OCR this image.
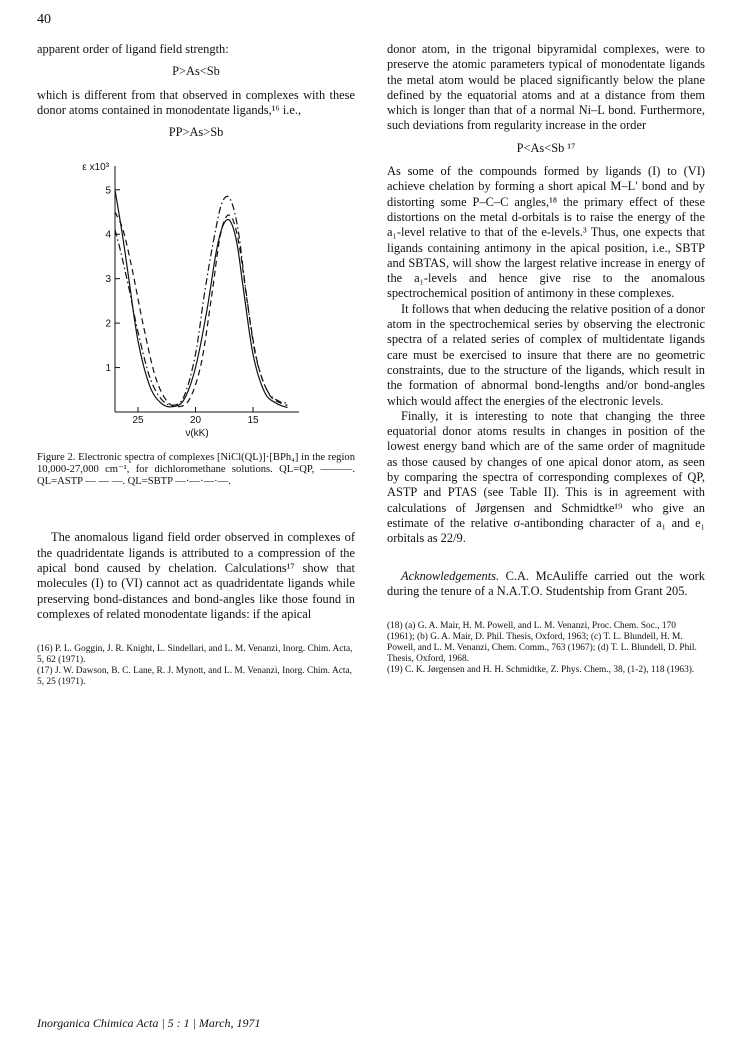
40

apparent order of ligand field strength:

P>As<Sb

which is different from that observed in complexes with these donor atoms contained in monodentate ligands,¹⁶ i.e.,

PP>As>Sb

1
2
3
4
5
25	20	15
ε x10³
ν(kK)

Figure 2. Electronic spectra of complexes [NiCl(QL)]·[BPh₄] in the region 10,000-27,000 cm⁻¹, for dichloromethane solutions. QL=QP, ———. QL=ASTP — — —. QL=SBTP —·—·—·—.

The anomalous ligand field order observed in complexes of the quadridentate ligands is attributed to a compression of the apical bond caused by chelation. Calculations¹⁷ show that molecules (I) to (VI) cannot act as quadridentate ligands while preserving bond-distances and bond-angles like those found in complexes of related monodentate ligands: if the apical

(16) P. L. Goggin, J. R. Knight, L. Sindellari, and L. M. Venanzi, Inorg. Chim. Acta, 5, 62 (1971).

(17) J. W. Dawson, B. C. Lane, R. J. Mynott, and L. M. Venanzi, Inorg. Chim. Acta, 5, 25 (1971).

donor atom, in the trigonal bipyramidal complexes, were to preserve the atomic parameters typical of monodentate ligands the metal atom would be placed significantly below the plane defined by the equatorial atoms and at a distance from them which is longer than that of a normal Ni–L bond. Furthermore, such deviations from regularity increase in the order

P<As<Sb ¹⁷

As some of the compounds formed by ligands (I) to (VI) achieve chelation by forming a short apical M–L′ bond and by distorting some P–C–C angles,¹⁸ the primary effect of these distortions on the metal d-orbitals is to raise the energy of the a₁-level relative to that of the e-levels.³ Thus, one expects that ligands containing antimony in the apical position, i.e., SBTP and SBTAS, will show the largest relative increase in energy of the a₁-levels and hence give rise to the anomalous spectrochemical position of antimony in these complexes.

It follows that when deducing the relative position of a donor atom in the spectrochemical series by observing the electronic spectra of a related series of complex of multidentate ligands care must be exercised to insure that there are no geometric constraints, due to the structure of the ligands, which result in the formation of abnormal bond-lengths and/or bond-angles which would affect the energies of the electronic levels.

Finally, it is interesting to note that changing the three equatorial donor atoms results in changes in position of the lowest energy band which are of the same order of magnitude as those caused by changes of one apical donor atom, as seen by comparing the spectra of corresponding complexes of QP, ASTP and PTAS (see Table II). This is in agreement with calculations of Jørgensen and Schmidtke¹⁹ who give an estimate of the relative σ-antibonding character of a₁ and e₁ orbitals as 22/9.

Acknowledgements. C.A. McAuliffe carried out the work during the tenure of a N.A.T.O. Studentship from Grant 205.

(18) (a) G. A. Mair, H. M. Powell, and L. M. Venanzi, Proc. Chem. Soc., 170 (1961); (b) G. A. Mair, D. Phil. Thesis, Oxford, 1963; (c) T. L. Blundell, H. M. Powell, and L. M. Venanzi, Chem. Comm., 763 (1967); (d) T. L. Blundell, D. Phil. Thesis, Oxford, 1968.

(19) C. K. Jørgensen and H. H. Schmidtke, Z. Phys. Chem., 38, (1-2), 118 (1963).

Inorganica Chimica Acta | 5 : 1 | March, 1971
